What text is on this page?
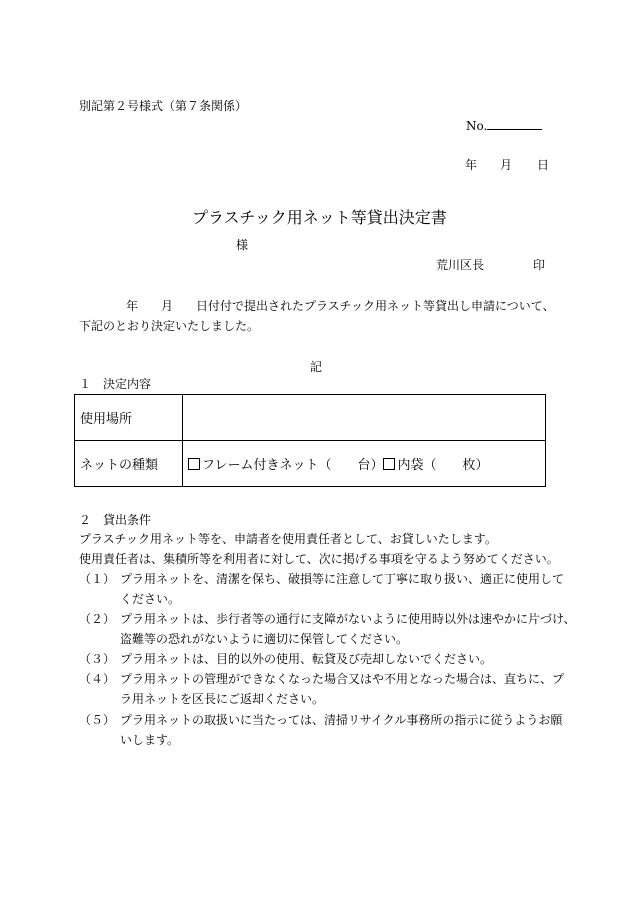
別記第２号様式（第７条関係）
No.
年 月 日
プラスチック用ネット等貸出決定書
様
荒川区長	印
年 月 日付付で提出されたプラスチック用ネット等貸出し申請について、
下記のとおり決定いたしました。
記
１　決定内容
使用場所	
ネットの種類	フレーム付きネット（　　台） 内袋（　　枚）
２　貸出条件
プラスチック用ネット等を、申請者を使用責任者として、お貸しいたします。
使用責任者は、集積所等を利用者に対して、次に掲げる事項を守るよう努めてください。
（１） プラ用ネットを、清潔を保ち、破損等に注意して丁寧に取り扱い、適正に使用して
ください。
（２） プラ用ネットは、歩行者等の通行に支障がないように使用時以外は速やかに片づけ、
盗難等の恐れがないように適切に保管してください。
（３） プラ用ネットは、目的以外の使用、転貸及び売却しないでください。
（４） プラ用ネットの管理ができなくなった場合又はや不用となった場合は、直ちに、プ
ラ用ネットを区長にご返却ください。
（５） プラ用ネットの取扱いに当たっては、清掃リサイクル事務所の指示に従うようお願
いします。
